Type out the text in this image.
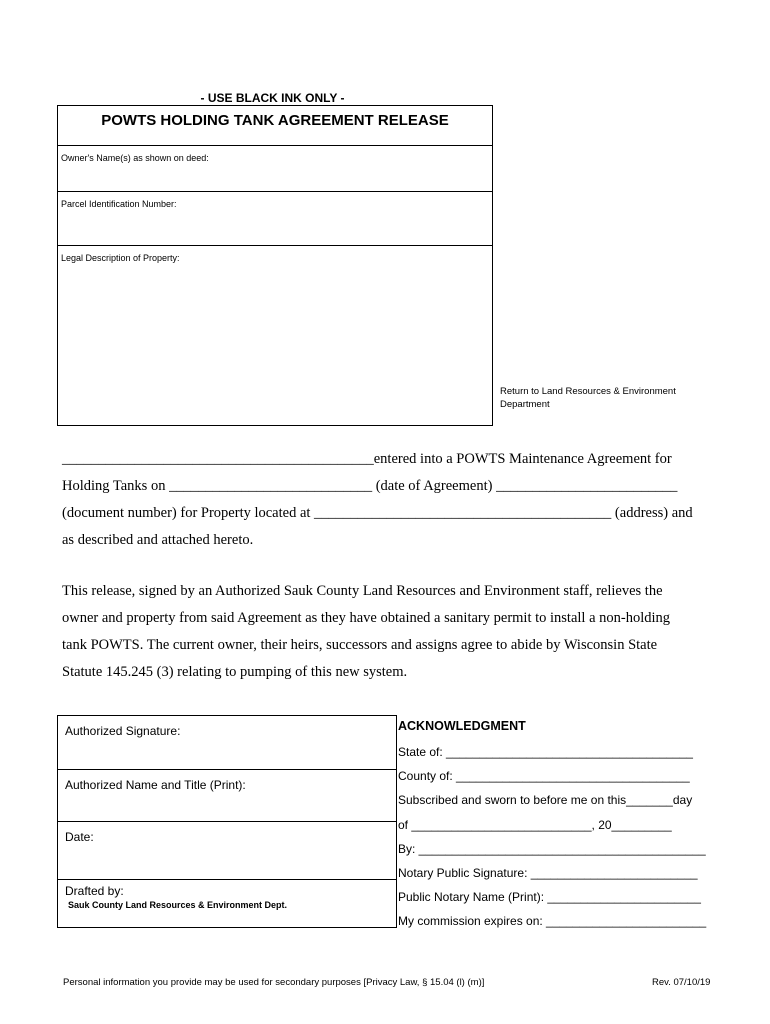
- USE BLACK INK ONLY -
POWTS HOLDING TANK AGREEMENT RELEASE
Owner's Name(s) as shown on deed:
Parcel Identification Number:
Legal Description of Property:
Return to Land Resources & Environment
Department
___________________________________________entered into a POWTS Maintenance Agreement for
Holding Tanks on ____________________________ (date of Agreement) _________________________
(document number) for Property located at _________________________________________ (address) and
as described and attached hereto.
This release, signed by an Authorized Sauk County Land Resources and Environment staff, relieves the
owner and property from said Agreement as they have obtained a sanitary permit to install a non-holding
tank POWTS. The current owner, their heirs, successors and assigns agree to abide by Wisconsin State
Statute 145.245 (3) relating to pumping of this new system.
Authorized Signature:
Authorized Name and Title (Print):
Date:
Drafted by:
Sauk County Land Resources & Environment Dept.
ACKNOWLEDGMENT
State of: _____________________________________
County of: ___________________________________
Subscribed and sworn to before me on this_______day
of ___________________________, 20_________
By: ___________________________________________
Notary Public Signature: _________________________
Public Notary Name (Print): _______________________
My commission expires on: ________________________
Personal information you provide may be used for secondary purposes [Privacy Law, § 15.04 (l) (m)]	Rev. 07/10/19
